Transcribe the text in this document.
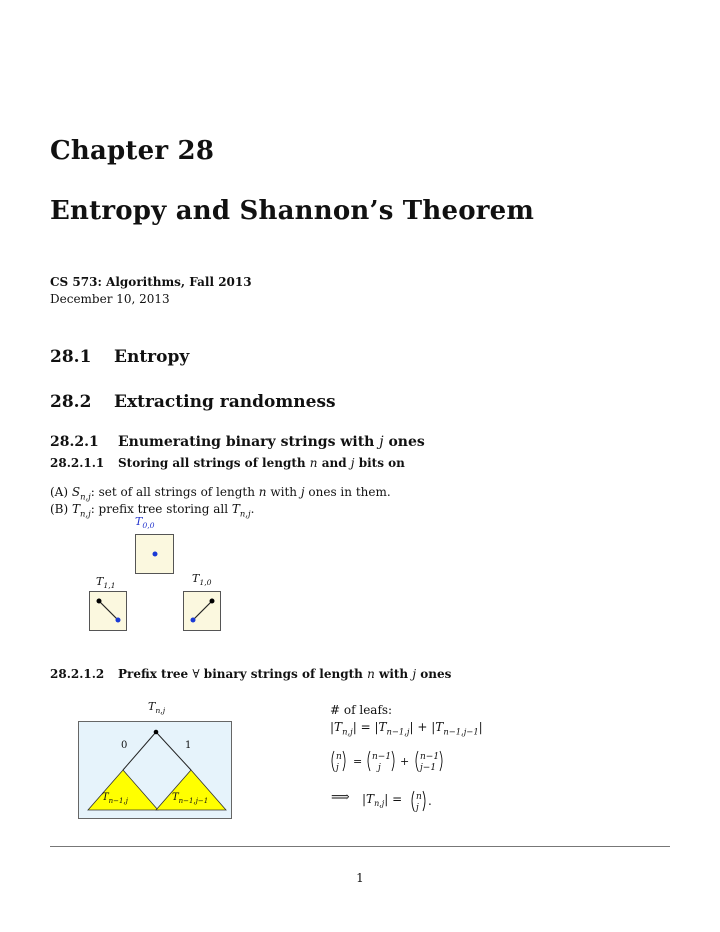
Chapter 28
Entropy and Shannon’s Theorem
CS 573: Algorithms, Fall 2013
December 10, 2013
28.1 Entropy
28.2 Extracting randomness
28.2.1 Enumerating binary strings with j ones
28.2.1.1 Storing all strings of length n and j bits on
(A) $S_{n,j}$: set of all strings of length n with j ones in them.
(B) $T_{n,j}$: prefix tree storing all $T_{n,j}$.
$T_{0,0}$
$T_{1,1}$
$T_{1,0}$
28.2.1.2 Prefix tree ∀ binary strings of length n with j ones
$T_{n,j}$
0	1
$T_{n-1,j}$	$T_{n-1,j-1}$
# of leafs:
$|T_{n,j}| = |T_{n-1,j}| + |T_{n-1,j-1}|$
n
j = n−1
j + n−1
j−1
⟹ $|T_{n,j}| = n$
j .
1
